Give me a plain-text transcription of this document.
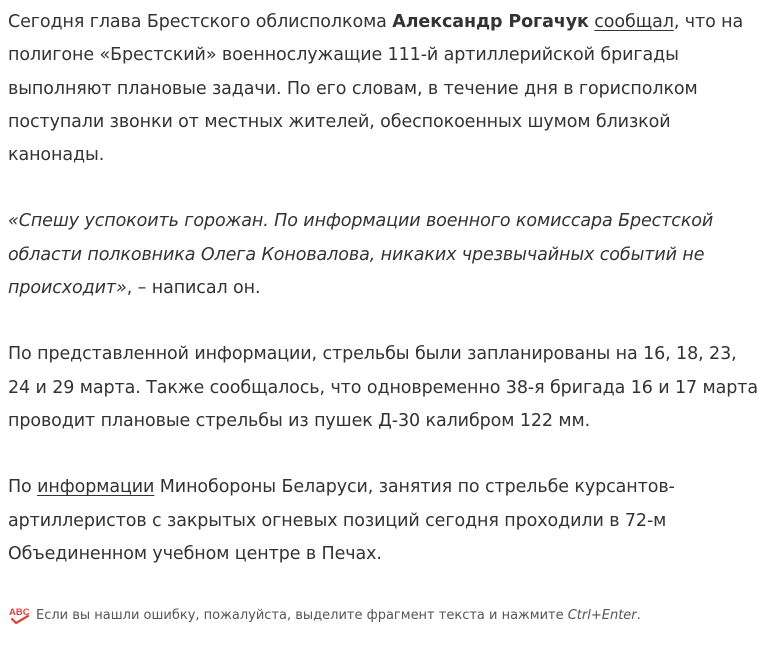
Сегодня глава Брестского облисполкома Александр Рогачук сообщал, что на
полигоне «Брестский» военнослужащие 111-й артиллерийской бригады
выполняют плановые задачи. По его словам, в течение дня в горисполком
поступали звонки от местных жителей, обеспокоенных шумом близкой
канонады.
«Спешу успокоить горожан. По информации военного комиссара Брестской
области полковника Олега Коновалова, никаких чрезвычайных событий не
происходит», – написал он.
По представленной информации, стрельбы были запланированы на 16, 18, 23,
24 и 29 марта. Также сообщалось, что одновременно 38-я бригада 16 и 17 марта
проводит плановые стрельбы из пушек Д-30 калибром 122 мм.
По информации Минобороны Беларуси, занятия по стрельбе курсантов-
артиллеристов с закрытых огневых позиций сегодня проходили в 72-м
Объединенном учебном центре в Печах.
ABC Если вы нашли ошибку, пожалуйста, выделите фрагмент текста и нажмите
Ctrl+Enter .
